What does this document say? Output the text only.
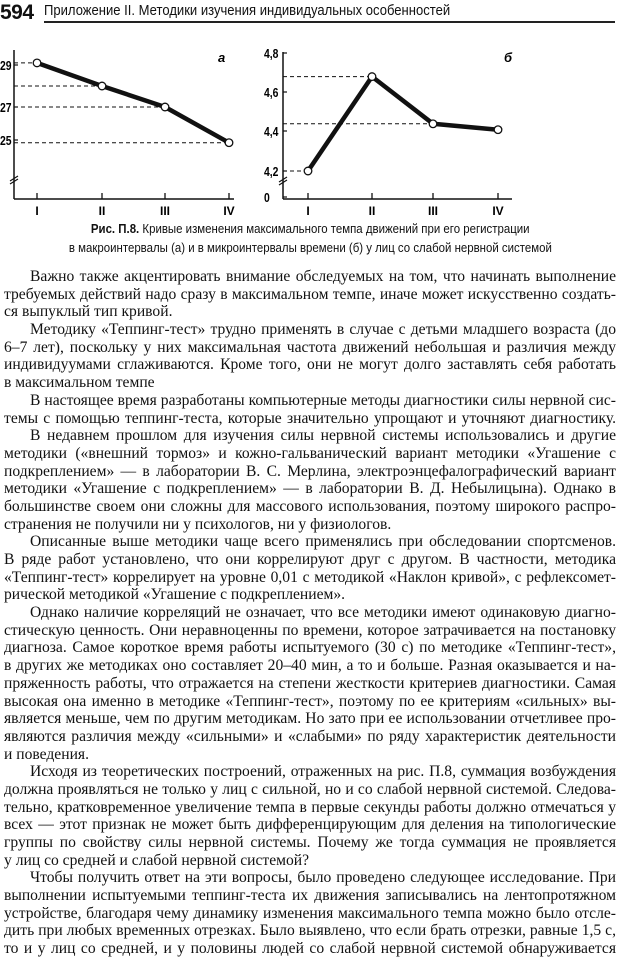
594 Приложение II. Методики изучения индивидуальных особенностей
29
27
25
а
I	II	III	IV
4,8
4,6
4,4
4,2
0
б
I	II	III	IV
Рис. П.8. Кривые изменения максимального темпа движений при его регистрации
в макроинтервалы (а) и в микроинтервалы времени (б) у лиц со слабой нервной системой
Важно также акцентировать внимание обследуемых на том, что начинать выполнение
требуемых действий надо сразу в максимальном темпе, иначе может искусственно создать-
ся выпуклый тип кривой.
Методику «Теппинг-тест» трудно применять в случае с детьми младшего возраста (до
6–7 лет), поскольку у них максимальная частота движений небольшая и различия между
индивидуумами сглаживаются. Кроме того, они не могут долго заставлять себя работать
в максимальном темпе
В настоящее время разработаны компьютерные методы диагностики силы нервной сис-
темы с помощью теппинг-теста, которые значительно упрощают и уточняют диагностику.
В недавнем прошлом для изучения силы нервной системы использовались и другие
методики («внешний тормоз» и кожно-гальванический вариант методики «Угашение с
подкреплением» — в лаборатории В. С. Мерлина, электроэнцефалографический вариант
методики «Угашение с подкреплением» — в лаборатории В. Д. Небылицына). Однако в
большинстве своем они сложны для массового использования, поэтому широкого распро-
странения не получили ни у психологов, ни у физиологов.
Описанные выше методики чаще всего применялись при обследовании спортсменов.
В ряде работ установлено, что они коррелируют друг с другом. В частности, методика
«Теппинг-тест» коррелирует на уровне 0,01 с методикой «Наклон кривой», с рефлексомет-
рической методикой «Угашение с подкреплением».
Однако наличие корреляций не означает, что все методики имеют одинаковую диагно-
стическую ценность. Они неравноценны по времени, которое затрачивается на постановку
диагноза. Самое короткое время работы испытуемого (30 с) по методике «Теппинг-тест»,
в других же методиках оно составляет 20–40 мин, а то и больше. Разная оказывается и на-
пряженность работы, что отражается на степени жесткости критериев диагностики. Самая
высокая она именно в методике «Теппинг-тест», поэтому по ее критериям «сильных» вы-
является меньше, чем по другим методикам. Но зато при ее использовании отчетливее про-
являются различия между «сильными» и «слабыми» по ряду характеристик деятельности
и поведения.
Исходя из теоретических построений, отраженных на рис. П.8, суммация возбуждения
должна проявляться не только у лиц с сильной, но и со слабой нервной системой. Следова-
тельно, кратковременное увеличение темпа в первые секунды работы должно отмечаться у
всех — этот признак не может быть дифференцирующим для деления на типологические
группы по свойству силы нервной системы. Почему же тогда суммация не проявляется
у лиц со средней и слабой нервной системой?
Чтобы получить ответ на эти вопросы, было проведено следующее исследование. При
выполнении испытуемыми теппинг-теста их движения записывались на лентопротяжном
устройстве, благодаря чему динамику изменения максимального темпа можно было отсле-
дить при любых временных отрезках. Было выявлено, что если брать отрезки, равные 1,5 с,
то и у лиц со средней, и у половины людей со слабой нервной системой обнаруживается
